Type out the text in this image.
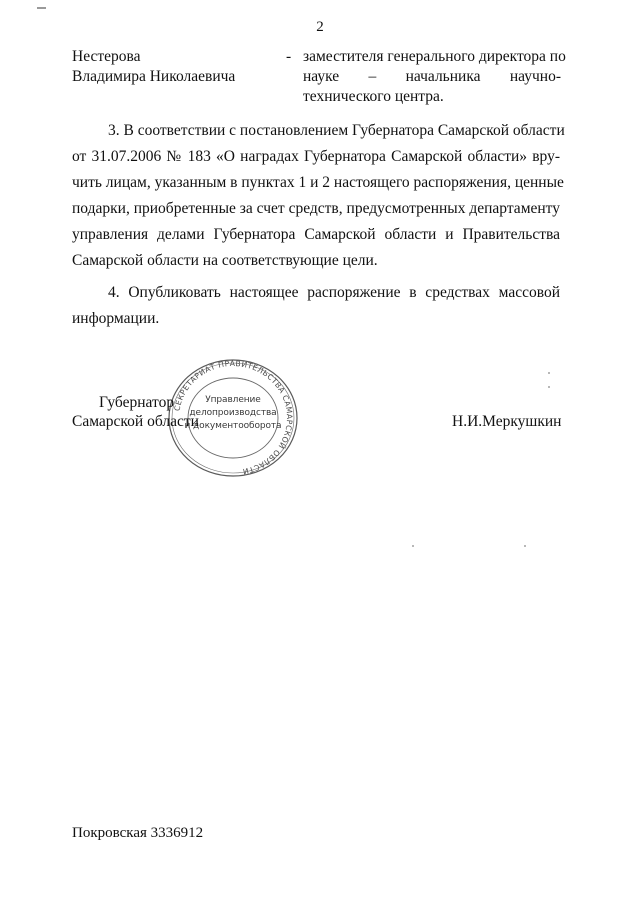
2
Нестерова
Владимира Николаевича
- заместителя генерального директора по
науке – начальника научно-
технического центра.
3. В соответствии с постановлением Губернатора Самарской области
от 31.07.2006 № 183 «О наградах Губернатора Самарской области» вру-
чить лицам, указанным в пунктах 1 и 2 настоящего распоряжения, ценные
подарки, приобретенные за счет средств, предусмотренных департаменту
управления делами Губернатора Самарской области и Правительства
Самарской области на соответствующие цели.
4. Опубликовать настоящее распоряжение в средствах массовой
информации.
СЕКРЕТАРИАТ ПРАВИТЕЛЬСТВА САМАРСКОЙ ОБЛАСТИ
Управление
делопроизводства
и документооборота
Губернатор
Самарской области	Н.И.Меркушкин
Покровская 3336912
